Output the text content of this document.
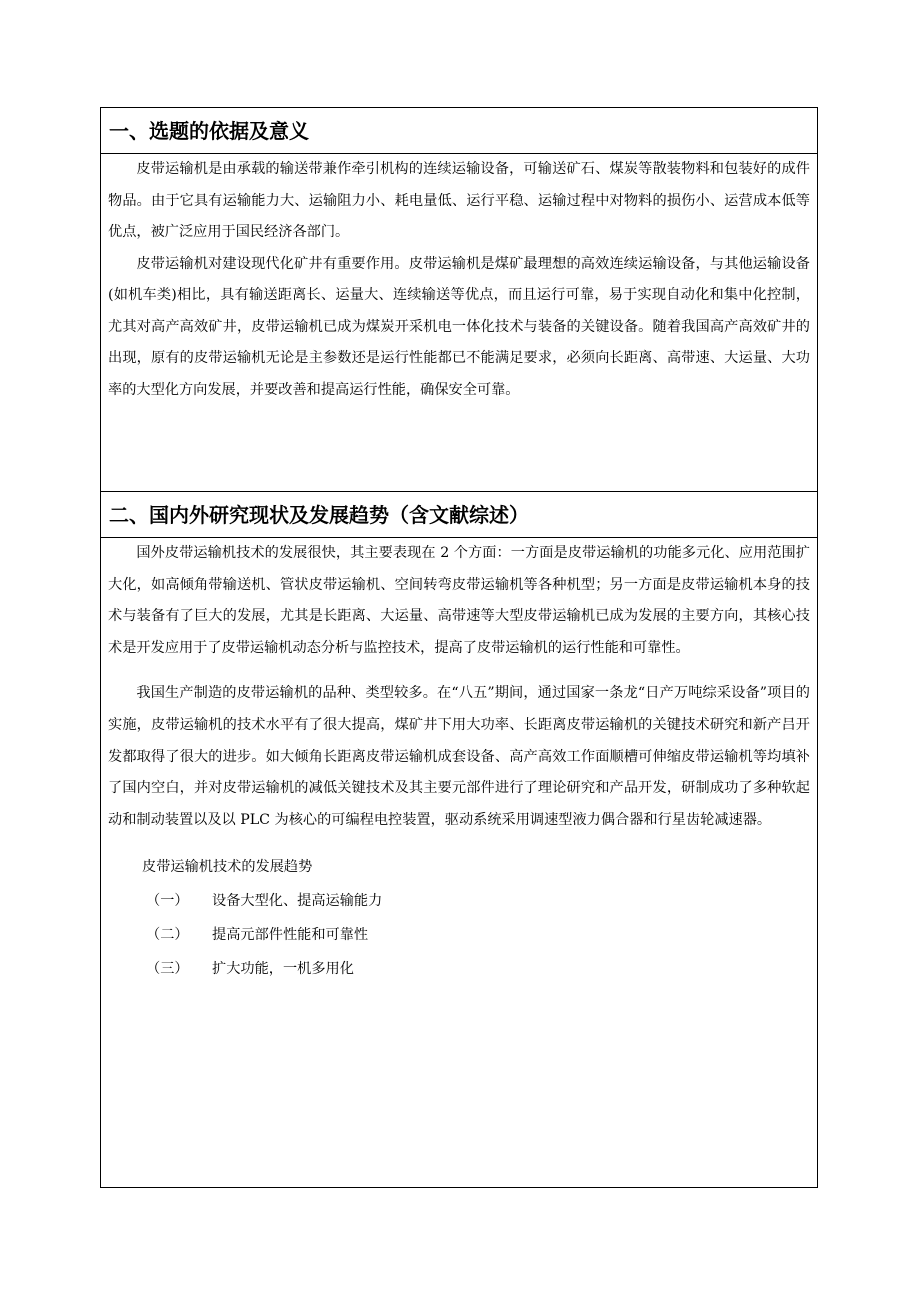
一、选题的依据及意义

皮带运输机是由承载的输送带兼作牵引机构的连续运输设备，可输送矿石、煤炭等散装物料和包装好的成件物品。由于它具有运输能力大、运输阻力小、耗电量低、运行平稳、运输过程中对物料的损伤小、运营成本低等优点，被广泛应用于国民经济各部门。

皮带运输机对建设现代化矿井有重要作用。皮带运输机是煤矿最理想的高效连续运输设备，与其他运输设备(如机车类)相比，具有输送距离长、运量大、连续输送等优点，而且运行可靠，易于实现自动化和集中化控制，尤其对高产高效矿井，皮带运输机已成为煤炭开采机电一体化技术与装备的关键设备。随着我国高产高效矿井的出现，原有的皮带运输机无论是主参数还是运行性能都已不能满足要求，必须向长距离、高带速、大运量、大功率的大型化方向发展，并要改善和提高运行性能，确保安全可靠。

二、国内外研究现状及发展趋势（含文献综述）

国外皮带运输机技术的发展很快，其主要表现在 2 个方面：一方面是皮带运输机的功能多元化、应用范围扩大化，如高倾角带输送机、管状皮带运输机、空间转弯皮带运输机等各种机型；另一方面是皮带运输机本身的技术与装备有了巨大的发展，尤其是长距离、大运量、高带速等大型皮带运输机已成为发展的主要方向，其核心技术是开发应用于了皮带运输机动态分析与监控技术，提高了皮带运输机的运行性能和可靠性。

我国生产制造的皮带运输机的品种、类型较多。在“八五”期间，通过国家一条龙“日产万吨综采设备”项目的实施，皮带运输机的技术水平有了很大提高，煤矿井下用大功率、长距离皮带运输机的关键技术研究和新产吕开发都取得了很大的进步。如大倾角长距离皮带运输机成套设备、高产高效工作面顺槽可伸缩皮带运输机等均填补了国内空白，并对皮带运输机的减低关键技术及其主要元部件进行了理论研究和产品开发，研制成功了多种软起动和制动装置以及以 PLC 为核心的可编程电控装置，驱动系统采用调速型液力偶合器和行星齿轮减速器。

皮带运输机技术的发展趋势
（一） 设备大型化、提高运输能力
（二） 提高元部件性能和可靠性
（三） 扩大功能，一机多用化
